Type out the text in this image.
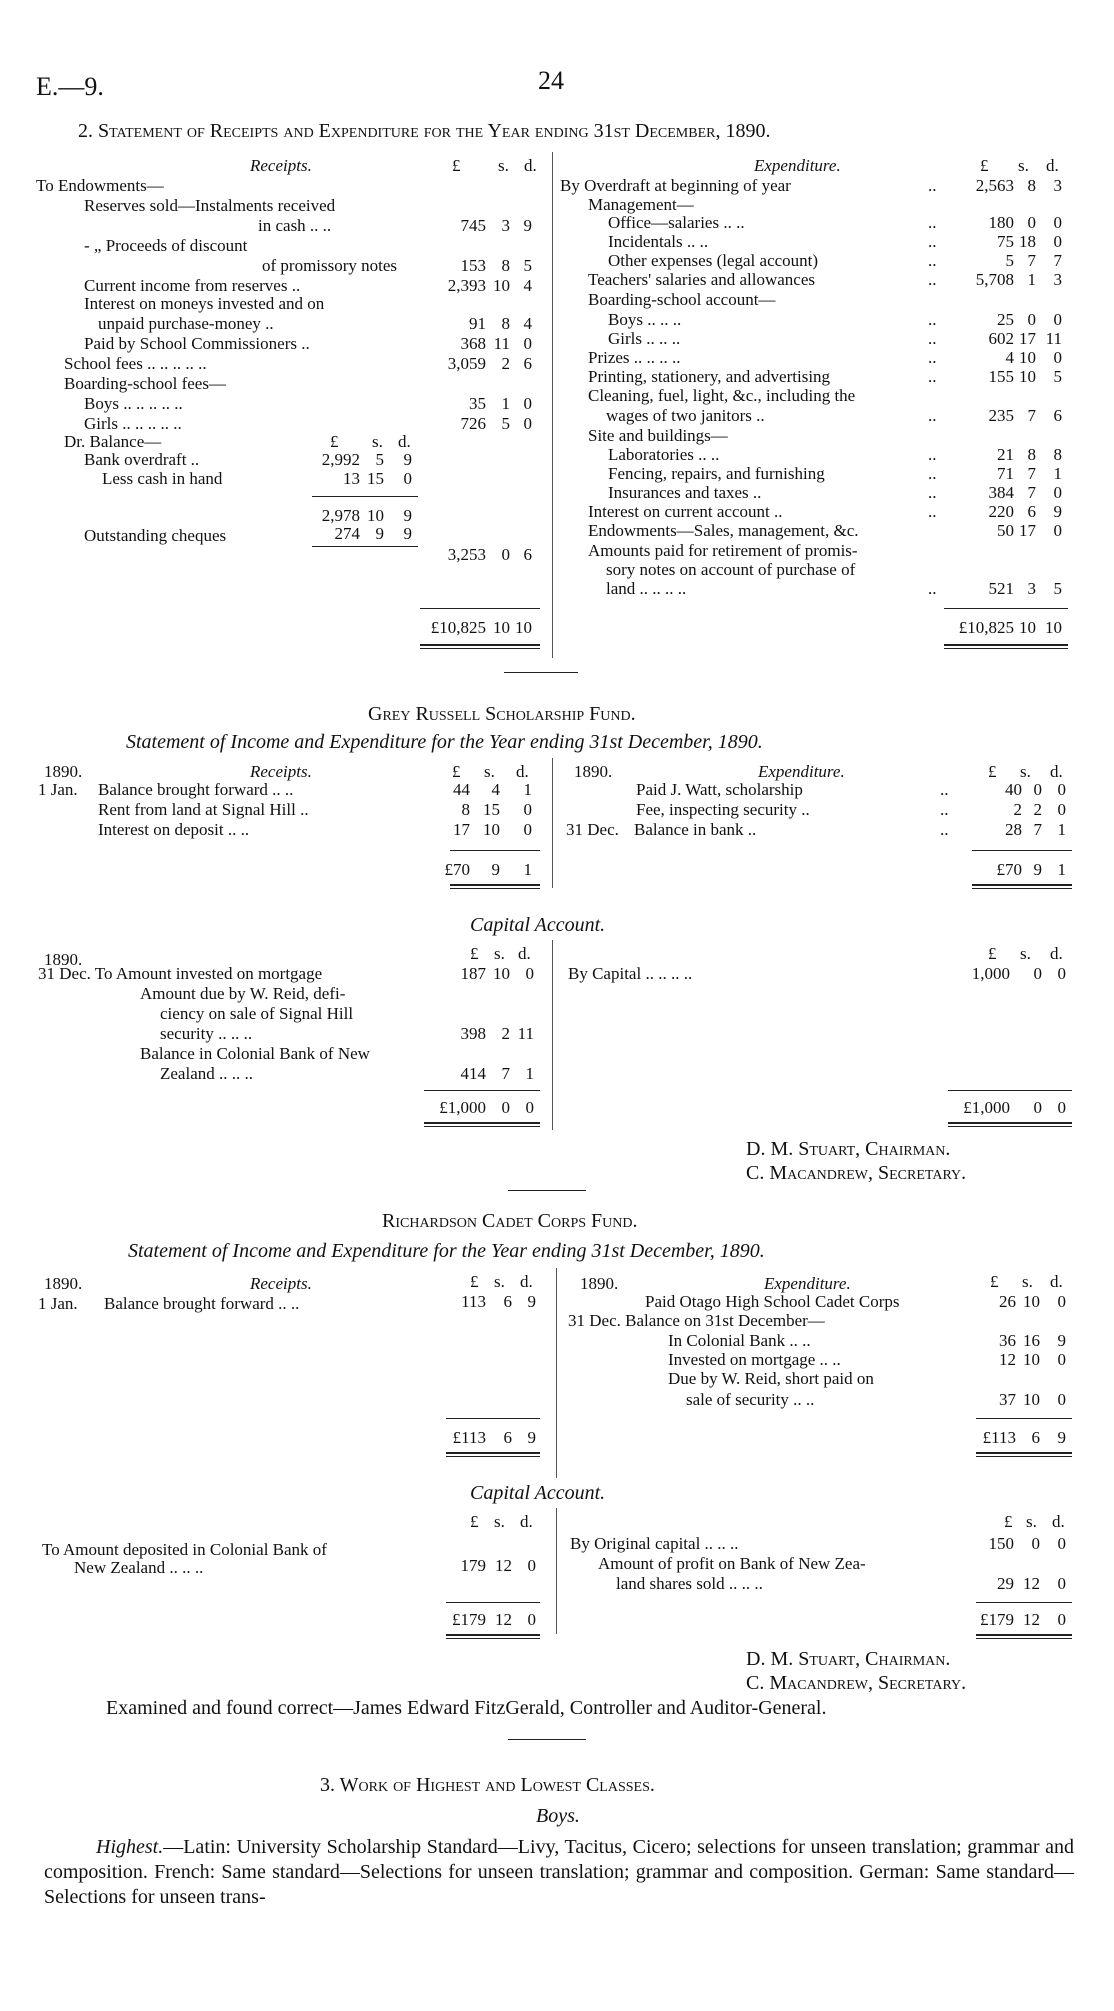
E.—9.	24
2. Statement of Receipts and Expenditure for the Year ending 31st December, 1890.
Receipts.	£ s. d.	Expenditure.	£ s. d.
To Endowments—
Reserves sold—Instalments received
in cash .. ..	745 3 9
- „ Proceeds of discount
of promissory notes	153 8 5
Current income from reserves ..	2,393 10 4
Interest on moneys invested and on
unpaid purchase-money ..	91 8 4
Paid by School Commissioners ..	368 11 0
School fees .. .. .. .. ..	3,059 2 6
Boarding-school fees—
Boys .. .. .. .. ..	35 1 0
Girls .. .. .. .. ..	726 5 0
Dr. Balance—	£ s. d.
Bank overdraft ..	2,992 5 9
Less cash in hand	13 15 0
2,978 10 9
Outstanding cheques	274 9 9
3,253 0 6
By Overdraft at beginning of year	.. 2,563 8 3
Management—
Office—salaries .. ..	..	180 0 0
Incidentals .. ..	..	75 18 0
Other expenses (legal account)	..	5 7 7
Teachers' salaries and allowances	.. 5,708 1 3
Boarding-school account—
Boys .. .. ..	..	25 0 0
Girls .. .. ..	..	602 17 11
Prizes .. .. .. ..	..	4 10 0
Printing, stationery, and advertising	..	155 10 5
Cleaning, fuel, light, &c., including the
wages of two janitors ..	..	235 7 6
Site and buildings—
Laboratories .. ..	..	21 8 8
Fencing, repairs, and furnishing	..	71 7 1
Insurances and taxes ..	..	384 7 0
Interest on current account ..	..	220 6 9
Endowments—Sales, management, &c.	50 17 0
Amounts paid for retirement of promis-
sory notes on account of purchase of
land .. .. .. ..	..	521 3 5
£10,825 10 10	£10,825 10 10
Grey Russell Scholarship Fund.
Statement of Income and Expenditure for the Year ending 31st December, 1890.
1890.	Receipts.	£ s. d.	1890.	Expenditure.	£ s. d.
1 Jan. Balance brought forward .. ..	44 4 1
Rent from land at Signal Hill ..	8 15 0
Interest on deposit .. ..	17 10 0
Paid J. Watt, scholarship	..	40 0 0
Fee, inspecting security ..	..	2 2 0
31 Dec. Balance in bank ..	..	28 7 1
£70 9 1	£70 9 1
Capital Account.
1890.	£ s. d.	£ s. d.
31 Dec. To Amount invested on mortgage	187 10 0
Amount due by W. Reid, defi-
ciency on sale of Signal Hill
security .. .. ..	398 2 11
Balance in Colonial Bank of New
Zealand .. .. ..	414 7 1
By Capital .. .. .. ..	1,000 0 0
£1,000 0 0	£1,000 0 0
D. M. Stuart, Chairman.
C. Macandrew, Secretary.
Richardson Cadet Corps Fund.
Statement of Income and Expenditure for the Year ending 31st December, 1890.
1890.	Receipts.	£ s. d.	1890.	Expenditure.	£ s. d.
1 Jan. Balance brought forward .. ..	113 6 9	Paid Otago High School Cadet Corps	26 10 0
31 Dec. Balance on 31st December—
In Colonial Bank .. ..	36 16 9
Invested on mortgage .. ..	12 10 0
Due by W. Reid, short paid on
sale of security .. ..	37 10 0
£113 6 9	£113 6 9
Capital Account.
£ s. d.	£ s. d.
To Amount deposited in Colonial Bank of
New Zealand .. .. ..	179 12 0
By Original capital .. .. ..	150 0 0
Amount of profit on Bank of New Zea-
land shares sold .. .. ..	29 12 0
£179 12 0	£179 12 0
D. M. Stuart, Chairman.
C. Macandrew, Secretary.
Examined and found correct—James Edward FitzGerald, Controller and Auditor-General.
3. Work of Highest and Lowest Classes.
Boys.
Highest.—Latin: University Scholarship Standard—Livy, Tacitus, Cicero; selections for unseen translation; grammar and composition. French: Same standard—Selections for unseen translation; grammar and composition. German: Same standard—Selections for unseen trans-
